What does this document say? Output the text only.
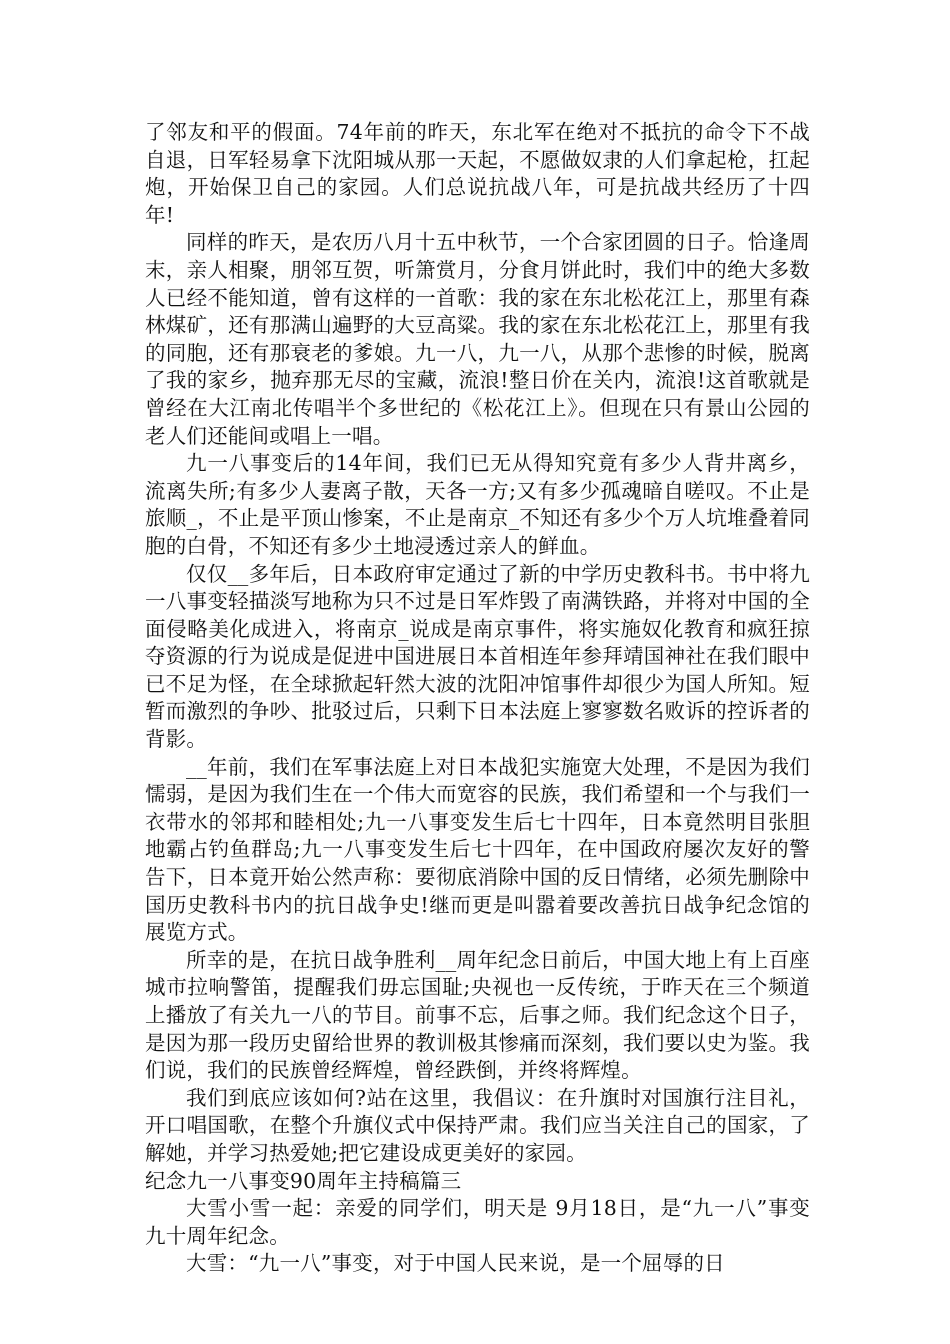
了邻友和平的假面。74年前的昨天，东北军在绝对不抵抗的命令下不战自退，日军轻易拿下沈阳城从那一天起，不愿做奴隶的人们拿起枪，扛起炮，开始保卫自己的家园。人们总说抗战八年，可是抗战共经历了十四年!

同样的昨天，是农历八月十五中秋节，一个合家团圆的日子。恰逢周末，亲人相聚，朋邻互贺，听箫赏月，分食月饼此时，我们中的绝大多数人已经不能知道，曾有这样的一首歌：我的家在东北松花江上，那里有森林煤矿，还有那满山遍野的大豆高粱。我的家在东北松花江上，那里有我的同胞，还有那衰老的爹娘。九一八，九一八，从那个悲惨的时候，脱离了我的家乡，抛弃那无尽的宝藏，流浪!整日价在关内，流浪!这首歌就是曾经在大江南北传唱半个多世纪的《松花江上》。但现在只有景山公园的老人们还能间或唱上一唱。

九一八事变后的14年间，我们已无从得知究竟有多少人背井离乡，流离失所;有多少人妻离子散，天各一方;又有多少孤魂暗自嗟叹。不止是旅顺_，不止是平顶山惨案，不止是南京_不知还有多少个万人坑堆叠着同胞的白骨，不知还有多少土地浸透过亲人的鲜血。

仅仅__多年后，日本政府审定通过了新的中学历史教科书。书中将九一八事变轻描淡写地称为只不过是日军炸毁了南满铁路，并将对中国的全面侵略美化成进入，将南京_说成是南京事件，将实施奴化教育和疯狂掠夺资源的行为说成是促进中国进展日本首相连年参拜靖国神社在我们眼中已不足为怪，在全球掀起轩然大波的沈阳冲馆事件却很少为国人所知。短暂而激烈的争吵、批驳过后，只剩下日本法庭上寥寥数名败诉的控诉者的背影。

__年前，我们在军事法庭上对日本战犯实施宽大处理，不是因为我们懦弱，是因为我们生在一个伟大而宽容的民族，我们希望和一个与我们一衣带水的邻邦和睦相处;九一八事变发生后七十四年，日本竟然明目张胆地霸占钓鱼群岛;九一八事变发生后七十四年，在中国政府屡次友好的警告下，日本竟开始公然声称：要彻底消除中国的反日情绪，必须先删除中国历史教科书内的抗日战争史!继而更是叫嚣着要改善抗日战争纪念馆的展览方式。

所幸的是，在抗日战争胜利__周年纪念日前后，中国大地上有上百座城市拉响警笛，提醒我们毋忘国耻;央视也一反传统，于昨天在三个频道上播放了有关九一八的节目。前事不忘，后事之师。我们纪念这个日子，是因为那一段历史留给世界的教训极其惨痛而深刻，我们要以史为鉴。我们说，我们的民族曾经辉煌，曾经跌倒，并终将辉煌。

我们到底应该如何?站在这里，我倡议：在升旗时对国旗行注目礼，开口唱国歌，在整个升旗仪式中保持严肃。我们应当关注自己的国家，了解她，并学习热爱她;把它建设成更美好的家园。

纪念九一八事变90周年主持稿篇三

大雪小雪一起：亲爱的同学们，明天是 9月18日，是“九一八”事变九十周年纪念。

大雪：“九一八”事变，对于中国人民来说，是一个屈辱的日
